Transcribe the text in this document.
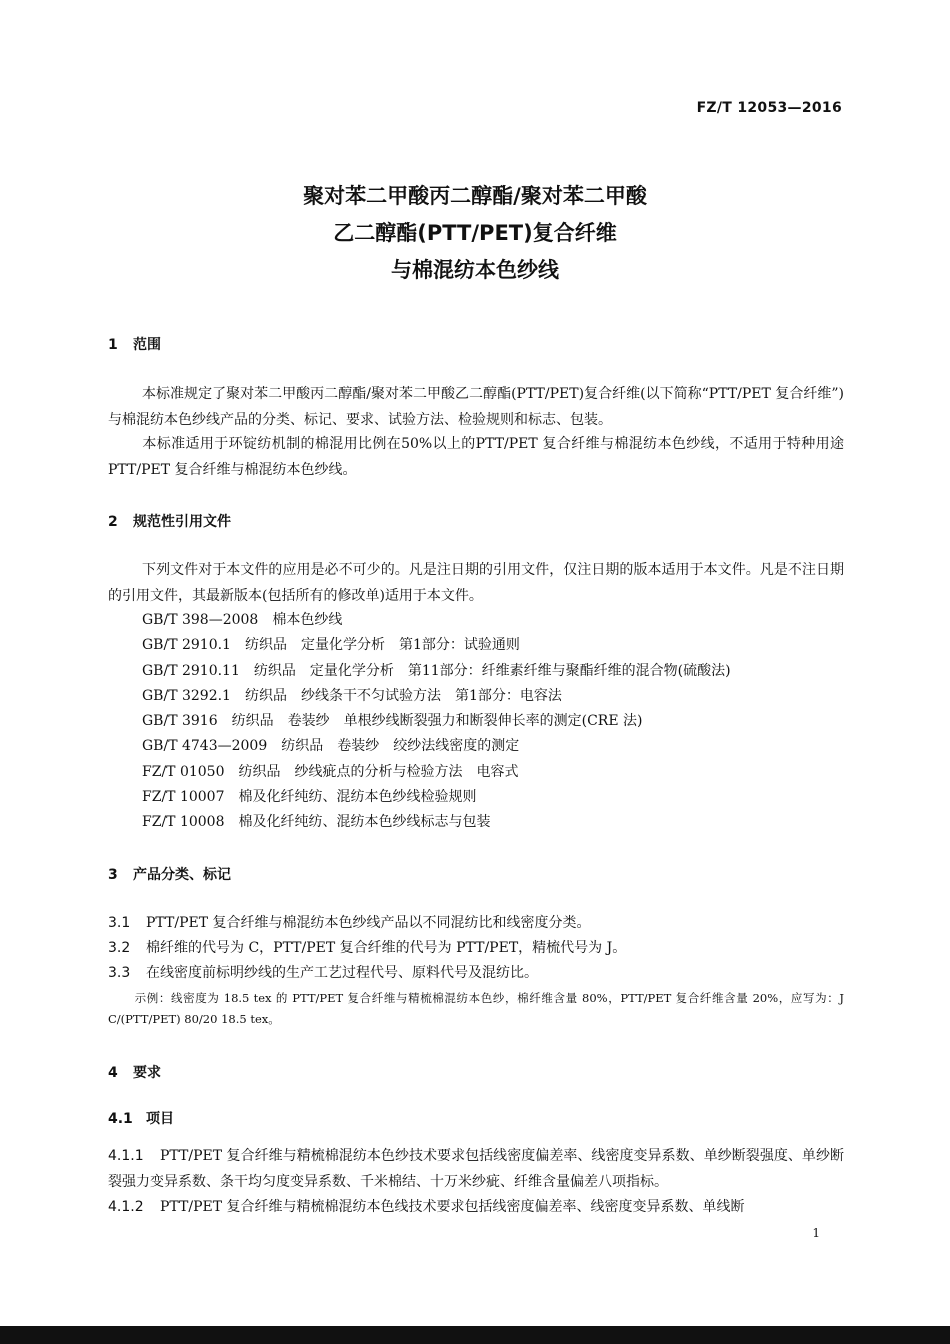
FZ/T 12053—2016
聚对苯二甲酸丙二醇酯/聚对苯二甲酸
乙二醇酯(PTT/PET)复合纤维
与棉混纺本色纱线
1 范围
本标准规定了聚对苯二甲酸丙二醇酯/聚对苯二甲酸乙二醇酯(PTT/PET)复合纤维(以下简称“PTT/PET 复合纤维”)与棉混纺本色纱线产品的分类、标记、要求、试验方法、检验规则和标志、包装。
本标准适用于环锭纺机制的棉混用比例在50%以上的PTT/PET 复合纤维与棉混纺本色纱线，不适用于特种用途 PTT/PET 复合纤维与棉混纺本色纱线。
2 规范性引用文件
下列文件对于本文件的应用是必不可少的。凡是注日期的引用文件，仅注日期的版本适用于本文件。凡是不注日期的引用文件，其最新版本(包括所有的修改单)适用于本文件。
GB/T 398—2008　棉本色纱线
GB/T 2910.1　纺织品　定量化学分析　第1部分：试验通则
GB/T 2910.11　纺织品　定量化学分析　第11部分：纤维素纤维与聚酯纤维的混合物(硫酸法)
GB/T 3292.1　纺织品　纱线条干不匀试验方法　第1部分：电容法
GB/T 3916　纺织品　卷装纱　单根纱线断裂强力和断裂伸长率的测定(CRE 法)
GB/T 4743—2009　纺织品　卷装纱　绞纱法线密度的测定
FZ/T 01050　纺织品　纱线疵点的分析与检验方法　电容式
FZ/T 10007　棉及化纤纯纺、混纺本色纱线检验规则
FZ/T 10008　棉及化纤纯纺、混纺本色纱线标志与包装
3 产品分类、标记
3.1 PTT/PET 复合纤维与棉混纺本色纱线产品以不同混纺比和线密度分类。
3.2 棉纤维的代号为 C，PTT/PET 复合纤维的代号为 PTT/PET，精梳代号为 J。
3.3 在线密度前标明纱线的生产工艺过程代号、原料代号及混纺比。
示例：线密度为 18.5 tex 的 PTT/PET 复合纤维与精梳棉混纺本色纱，棉纤维含量 80%，PTT/PET 复合纤维含量 20%，应写为：J C/(PTT/PET) 80/20 18.5 tex。
4 要求
4.1 项目
4.1.1 PTT/PET 复合纤维与精梳棉混纺本色纱技术要求包括线密度偏差率、线密度变异系数、单纱断裂强度、单纱断裂强力变异系数、条干均匀度变异系数、千米棉结、十万米纱疵、纤维含量偏差八项指标。
4.1.2 PTT/PET 复合纤维与精梳棉混纺本色线技术要求包括线密度偏差率、线密度变异系数、单线断
1
